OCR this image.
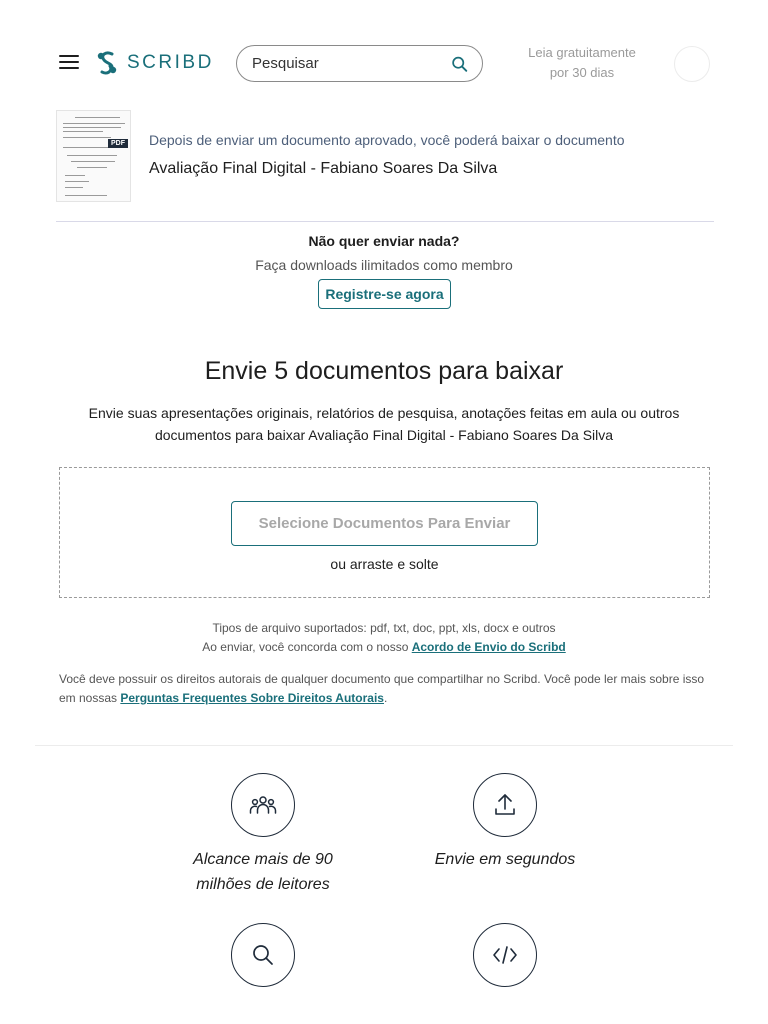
SCRIBD
Pesquisar	Leia gratuitamente
por 30 dias
PDF Depois de enviar um documento aprovado, você poderá baixar o documento
Avaliação Final Digital - Fabiano Soares Da Silva
Não quer enviar nada?
Faça downloads ilimitados como membro
Registre-se agora
Envie 5 documentos para baixar
Envie suas apresentações originais, relatórios de pesquisa, anotações feitas em aula ou outros documentos para baixar Avaliação Final Digital - Fabiano Soares Da Silva
Selecione Documentos Para Enviar
ou arraste e solte
Tipos de arquivo suportados: pdf, txt, doc, ppt, xls, docx e outros
Ao enviar, você concorda com o nosso Acordo de Envio do Scribd
Você deve possuir os direitos autorais de qualquer documento que compartilhar no Scribd. Você pode ler mais sobre isso em nossas Perguntas Frequentes Sobre Direitos Autorais.
Alcance mais de 90
milhões de leitores
Envie em segundos
